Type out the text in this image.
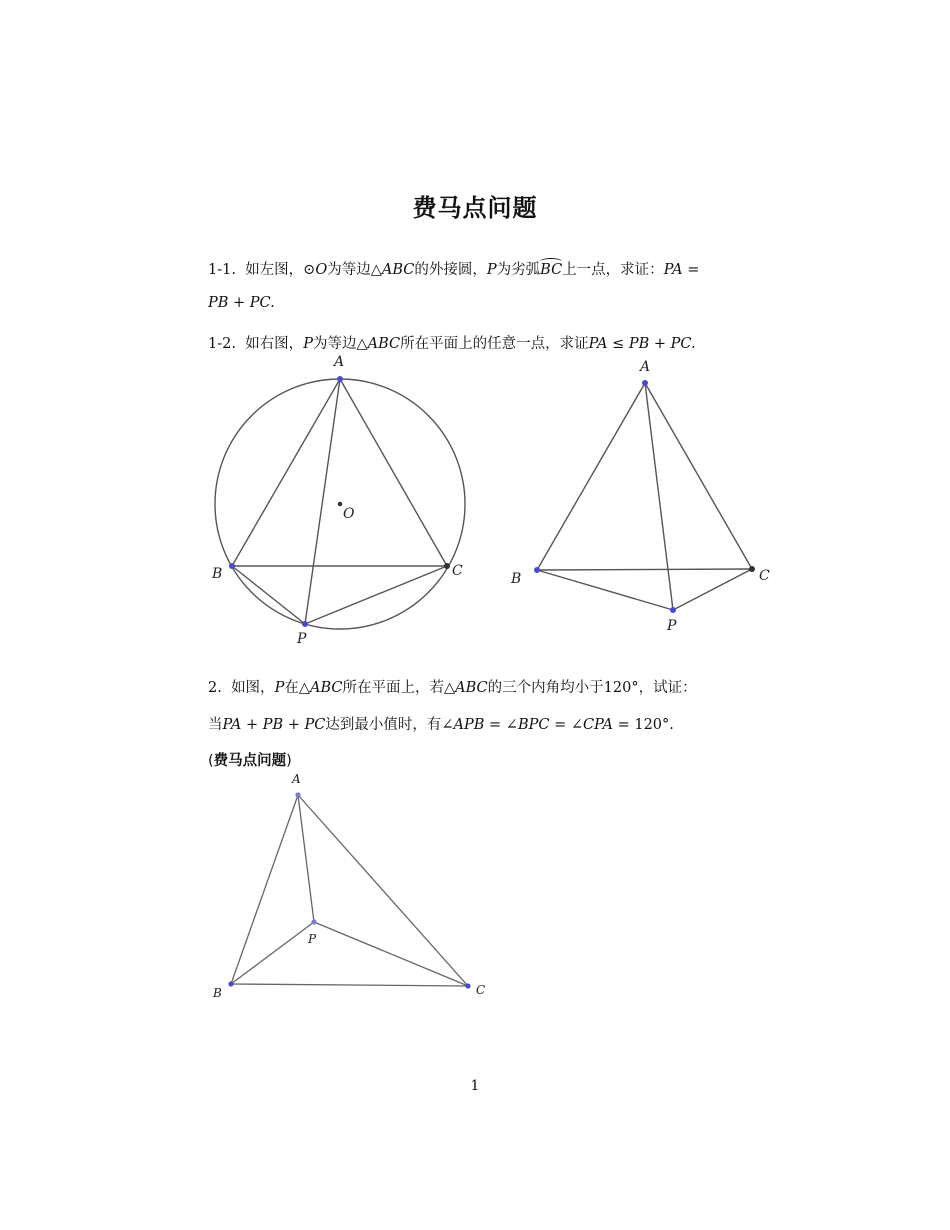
费马点问题
1-1. 如左图，⊙O为等边△ABC的外接圆，P为劣弧BC上一点，求证：PA =
PB + PC.
1-2. 如右图，P为等边△ABC所在平面上的任意一点，求证PA ≤ PB + PC.
2. 如图，P在△ABC所在平面上，若△ABC的三个内角均小于120°，试证：
当PA + PB + PC达到最小值时，有∠APB = ∠BPC = ∠CPA = 120°.
(费马点问题)
A
B	C
O
P
A
B	C
P
A
B	C
P
1
